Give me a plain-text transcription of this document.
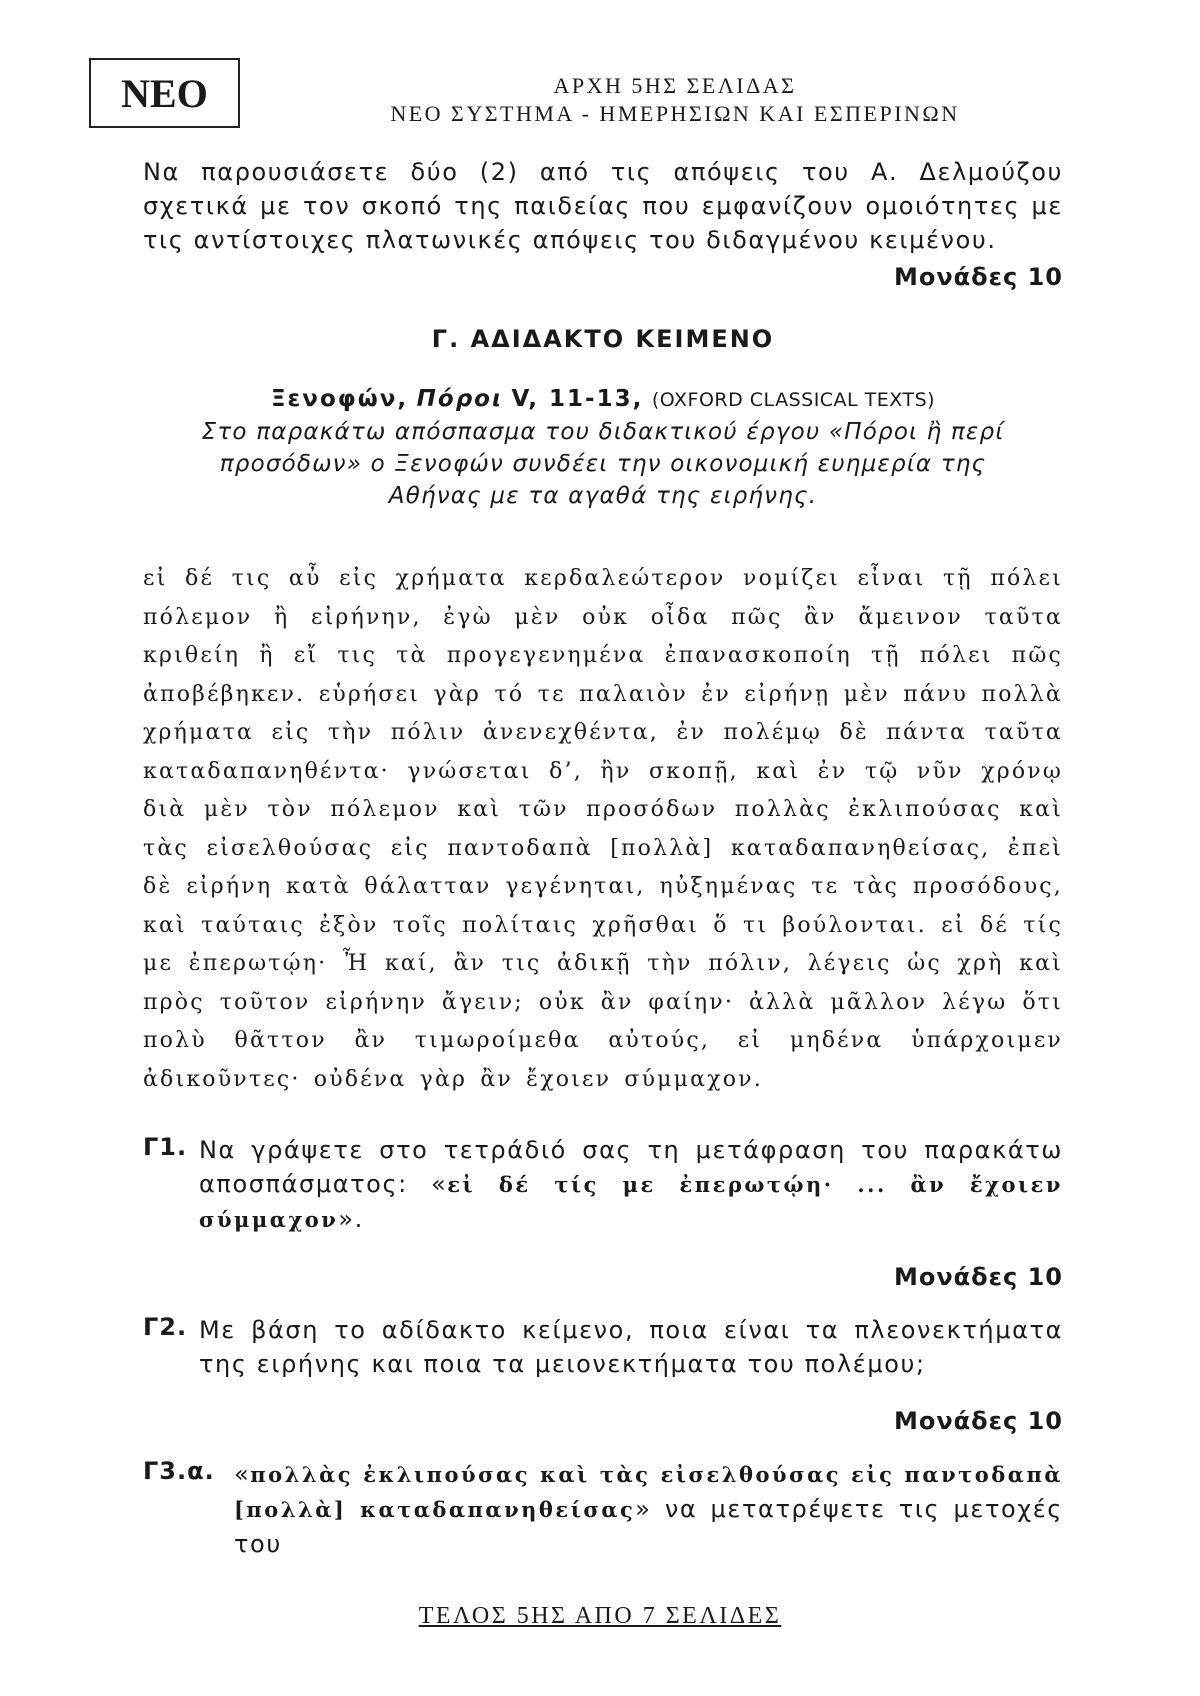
ΝΕΟ	ΑΡΧΗ 5ΗΣ ΣΕΛΙΔΑΣ
ΝΕΟ ΣΥΣΤΗΜΑ - ΗΜΕΡΗΣΙΩΝ ΚΑΙ ΕΣΠΕΡΙΝΩΝ

Να παρουσιάσετε δύο (2) από τις απόψεις του Α. Δελμούζου σχετικά με τον σκοπό της παιδείας που εμφανίζουν ομοιότητες με τις αντίστοιχες πλατωνικές απόψεις του διδαγμένου κειμένου.

Μονάδες 10
Γ. ΑΔΙΔΑΚΤΟ ΚΕΙΜΕΝΟ
Ξενοφών, Πόροι V, 11-13, (OXFORD CLASSICAL TEXTS)
Στο παρακάτω απόσπασμα του διδακτικού έργου «Πόροι ἢ περί προσόδων» ο Ξενοφών συνδέει την οικονομική ευημερία της Αθήνας με τα αγαθά της ειρήνης.

εἰ δέ τις αὖ εἰς χρήματα κερδαλεώτερον νομίζει εἶναι τῇ πόλει πόλεμον ἢ εἰρήνην, ἐγὼ μὲν οὐκ οἶδα πῶς ἂν ἄμεινον ταῦτα κριθείη ἢ εἴ τις τὰ προγεγενημένα ἐπανασκοποίη τῇ πόλει πῶς ἀποβέβηκεν. εὑρήσει γὰρ τό τε παλαιὸν ἐν εἰρήνῃ μὲν πάνυ πολλὰ χρήματα εἰς τὴν πόλιν ἀνενεχθέντα, ἐν πολέμῳ δὲ πάντα ταῦτα καταδαπανηθέντα· γνώσεται δ’, ἢν σκοπῇ, καὶ ἐν τῷ νῦν χρόνῳ διὰ μὲν τὸν πόλεμον καὶ τῶν προσόδων πολλὰς ἐκλιπούσας καὶ τὰς εἰσελθούσας εἰς παντοδαπὰ [πολλὰ] καταδαπανηθείσας, ἐπεὶ δὲ εἰρήνη κατὰ θάλατταν γεγένηται, ηὐξημένας τε τὰς προσόδους, καὶ ταύταις ἐξὸν τοῖς πολίταις χρῆσθαι ὅ τι βούλονται. εἰ δέ τίς με ἐπερωτῴη· Ἦ καί, ἂν τις ἀδικῇ τὴν πόλιν, λέγεις ὡς χρὴ καὶ πρὸς τοῦτον εἰρήνην ἄγειν; οὐκ ἂν φαίην· ἀλλὰ μᾶλλον λέγω ὅτι πολὺ θᾶττον ἂν τιμωροίμεθα αὐτούς, εἰ μηδένα ὑπάρχοιμεν ἀδικοῦντες· οὐδένα γὰρ ἂν ἔχοιεν σύμμαχον.

Γ1. Να γράψετε στο τετράδιό σας τη μετάφραση του παρακάτω αποσπάσματος: «εἰ δέ τίς με ἐπερωτῴη· ... ἂν ἔχοιεν σύμμαχον».
Μονάδες 10
Γ2. Με βάση το αδίδακτο κείμενο, ποια είναι τα πλεονεκτήματα της ειρήνης και ποια τα μειονεκτήματα του πολέμου;
Μονάδες 10
Γ3.α. «πολλὰς ἐκλιπούσας καὶ τὰς εἰσελθούσας εἰς παντοδαπὰ [πολλὰ] καταδαπανηθείσας» να μετατρέψετε τις μετοχές του
ΤΕΛΟΣ 5ΗΣ ΑΠΟ 7 ΣΕΛΙΔΕΣ
